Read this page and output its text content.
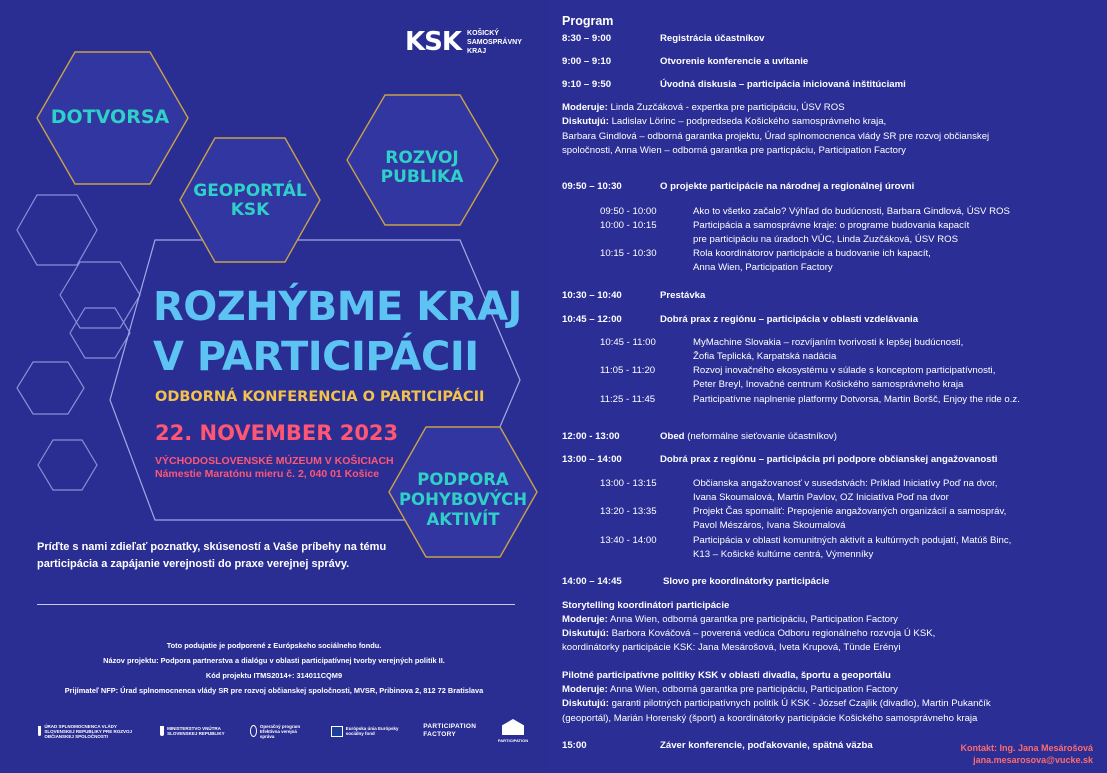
KSK KOŠICKÝ SAMOSPRÁVNY KRAJ
DOTVORSA
GEOPORTÁL
KSK
ROZVOJ
PUBLIKA
PODPORA
POHYBOVÝCH
AKTIVÍT
ROZHÝBME KRAJ
V PARTICIPÁCII
ODBORNÁ KONFERENCIA O PARTICIPÁCII
22. NOVEMBER 2023
VÝCHODOSLOVENSKÉ MÚZEUM V KOŠICIACH
Námestie Maratónu mieru č. 2, 040 01 Košice
Príďte s nami zdieľať poznatky, skúseností a Vaše príbehy na tému
participácia a zapájanie verejnosti do praxe verejnej správy.
Toto podujatie je podporené z Európskeho sociálneho fondu.
Názov projektu: Podpora partnerstva a dialógu v oblasti participatívnej tvorby verejných politík II.
Kód projektu ITMS2014+: 314011CQM9
Prijímateľ NFP: Úrad splnomocnenca vlády SR pre rozvoj občianskej spoločnosti, MVSR, Pribinova 2, 812 72 Bratislava
ÚRAD SPLNOMOCNENCA VLÁDY SLOVENSKEJ REPUBLIKY PRE ROZVOJ OBČIANSKEJ SPOLOČNOSTI
MINISTERSTVO VNÚTRA SLOVENSKEJ REPUBLIKY
Operačný program Efektívna verejná správa
Európska únia Európsky sociálny fond
PARTICIPATION
FACTORY
PARTICIPATION
Program
8:30 – 9:00	Registrácia účastníkov
9:00 – 9:10	Otvorenie konferencie a uvítanie
9:10 – 9:50	Úvodná diskusia – participácia iniciovaná inštitúciami
Moderuje: Linda Zuzčáková - expertka pre participáciu, ÚSV ROS
Diskutujú: Ladislav Lörinc – podpredseda Košického samosprávneho kraja,
Barbara Gindlová – odborná garantka projektu, Úrad splnomocnenca vlády SR pre rozvoj občianskej
spoločnosti, Anna Wien – odborná garantka pre particpáciu, Participation Factory
09:50 – 10:30	O projekte participácie na národnej a regionálnej úrovni
09:50 - 10:00	Ako to všetko začalo? Výhľad do budúcnosti, Barbara Gindlová, ÚSV ROS
10:00 - 10:15	Participácia a samosprávne kraje: o programe budovania kapacít
pre participáciu na úradoch VÚC, Linda Zuzčáková, ÚSV ROS
10:15 - 10:30	Rola koordinátorov participácie a budovanie ich kapacít,
Anna Wien, Participation Factory
10:30 – 10:40	Prestávka
10:45 – 12:00	Dobrá prax z regiónu – participácia v oblasti vzdelávania
10:45 - 11:00	MyMachine Slovakia – rozvíjaním tvorivosti k lepšej budúcnosti,
Žofia Teplická, Karpatská nadácia
11:05 - 11:20	Rozvoj inovačného ekosystému v súlade s konceptom participatívnosti,
Peter Breyl, Inovačné centrum Košického samosprávneho kraja
11:25 - 11:45	Participatívne naplnenie platformy Dotvorsa, Martin Boršč, Enjoy the ride o.z.
12:00 - 13:00	Obed (neformálne sieťovanie účastníkov)
13:00 – 14:00	Dobrá prax z regiónu – participácia pri podpore občianskej angažovanosti
13:00 - 13:15	Občianska angažovanosť v susedstvách: Príklad Iniciatívy Poď na dvor,
Ivana Skoumalová, Martin Pavlov, OZ Iniciatíva Poď na dvor
13:20 - 13:35	Projekt Čas spomaliť: Prepojenie angažovaných organizácií a samospráv,
Pavol Mészáros, Ivana Skoumalová
13:40 - 14:00	Participácia v oblasti komunitných aktivít a kultúrnych podujatí, Matúš Binc,
K13 – Košické kultúrne centrá, Výmenníky
14:00 – 14:45	Slovo pre koordinátorky participácie
Storytelling koordinátori participácie
Moderuje: Anna Wien, odborná garantka pre participáciu, Participation Factory
Diskutujú: Barbora Kováčová – poverená vedúca Odboru regionálneho rozvoja Ú KSK,
koordinátorky participácie KSK: Jana Mesárošová, Iveta Krupová, Tünde Erényi
Pilotné participatívne politiky KSK v oblasti divadla, športu a geoportálu
Moderuje: Anna Wien, odborná garantka pre participáciu, Participation Factory
Diskutujú: garanti pilotných participatívnych politík Ú KSK - József Czajlik (divadlo), Martin Pukančík
(geoportál), Marián Horenský (šport) a koordinátorky participácie Košického samosprávneho kraja
15:00	Záver konferencie, poďakovanie, spätná väzba	Kontakt: Ing. Jana Mesárošová
jana.mesarosova@vucke.sk
